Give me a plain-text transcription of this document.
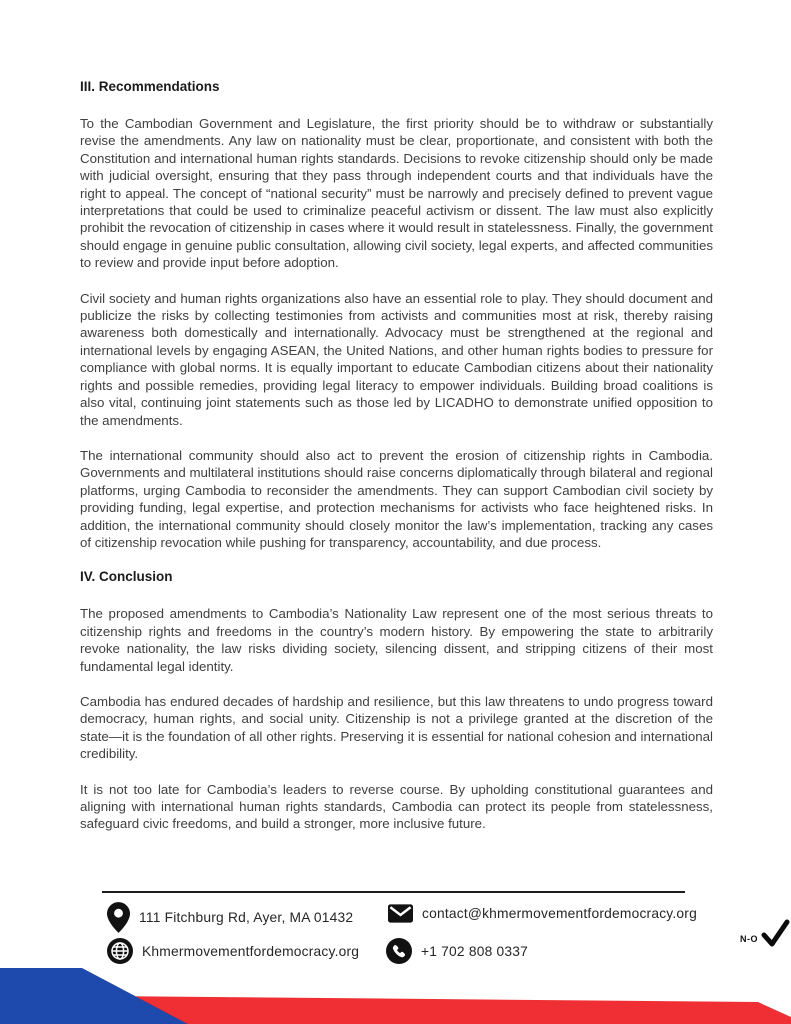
III. Recommendations

To the Cambodian Government and Legislature, the first priority should be to withdraw or substantially revise the amendments. Any law on nationality must be clear, proportionate, and consistent with both the Constitution and international human rights standards. Decisions to revoke citizenship should only be made with judicial oversight, ensuring that they pass through independent courts and that individuals have the right to appeal. The concept of “national security” must be narrowly and precisely defined to prevent vague interpretations that could be used to criminalize peaceful activism or dissent. The law must also explicitly prohibit the revocation of citizenship in cases where it would result in statelessness. Finally, the government should engage in genuine public consultation, allowing civil society, legal experts, and affected communities to review and provide input before adoption.

Civil society and human rights organizations also have an essential role to play. They should document and publicize the risks by collecting testimonies from activists and communities most at risk, thereby raising awareness both domestically and internationally. Advocacy must be strengthened at the regional and international levels by engaging ASEAN, the United Nations, and other human rights bodies to pressure for compliance with global norms. It is equally important to educate Cambodian citizens about their nationality rights and possible remedies, providing legal literacy to empower individuals. Building broad coalitions is also vital, continuing joint statements such as those led by LICADHO to demonstrate unified opposition to the amendments.

The international community should also act to prevent the erosion of citizenship rights in Cambodia. Governments and multilateral institutions should raise concerns diplomatically through bilateral and regional platforms, urging Cambodia to reconsider the amendments. They can support Cambodian civil society by providing funding, legal expertise, and protection mechanisms for activists who face heightened risks. In addition, the international community should closely monitor the law’s implementation, tracking any cases of citizenship revocation while pushing for transparency, accountability, and due process.

IV. Conclusion

The proposed amendments to Cambodia’s Nationality Law represent one of the most serious threats to citizenship rights and freedoms in the country’s modern history. By empowering the state to arbitrarily revoke nationality, the law risks dividing society, silencing dissent, and stripping citizens of their most fundamental legal identity.

Cambodia has endured decades of hardship and resilience, but this law threatens to undo progress toward democracy, human rights, and social unity. Citizenship is not a privilege granted at the discretion of the state—it is the foundation of all other rights. Preserving it is essential for national cohesion and international credibility.

It is not too late for Cambodia’s leaders to reverse course. By upholding constitutional guarantees and aligning with international human rights standards, Cambodia can protect its people from statelessness, safeguard civic freedoms, and build a stronger, more inclusive future.

111 Fitchburg Rd, Ayer, MA 01432	contact@khmermovementfordemocracy.org
Khmermovementfordemocracy.org	+1 702 808 0337
N-O
